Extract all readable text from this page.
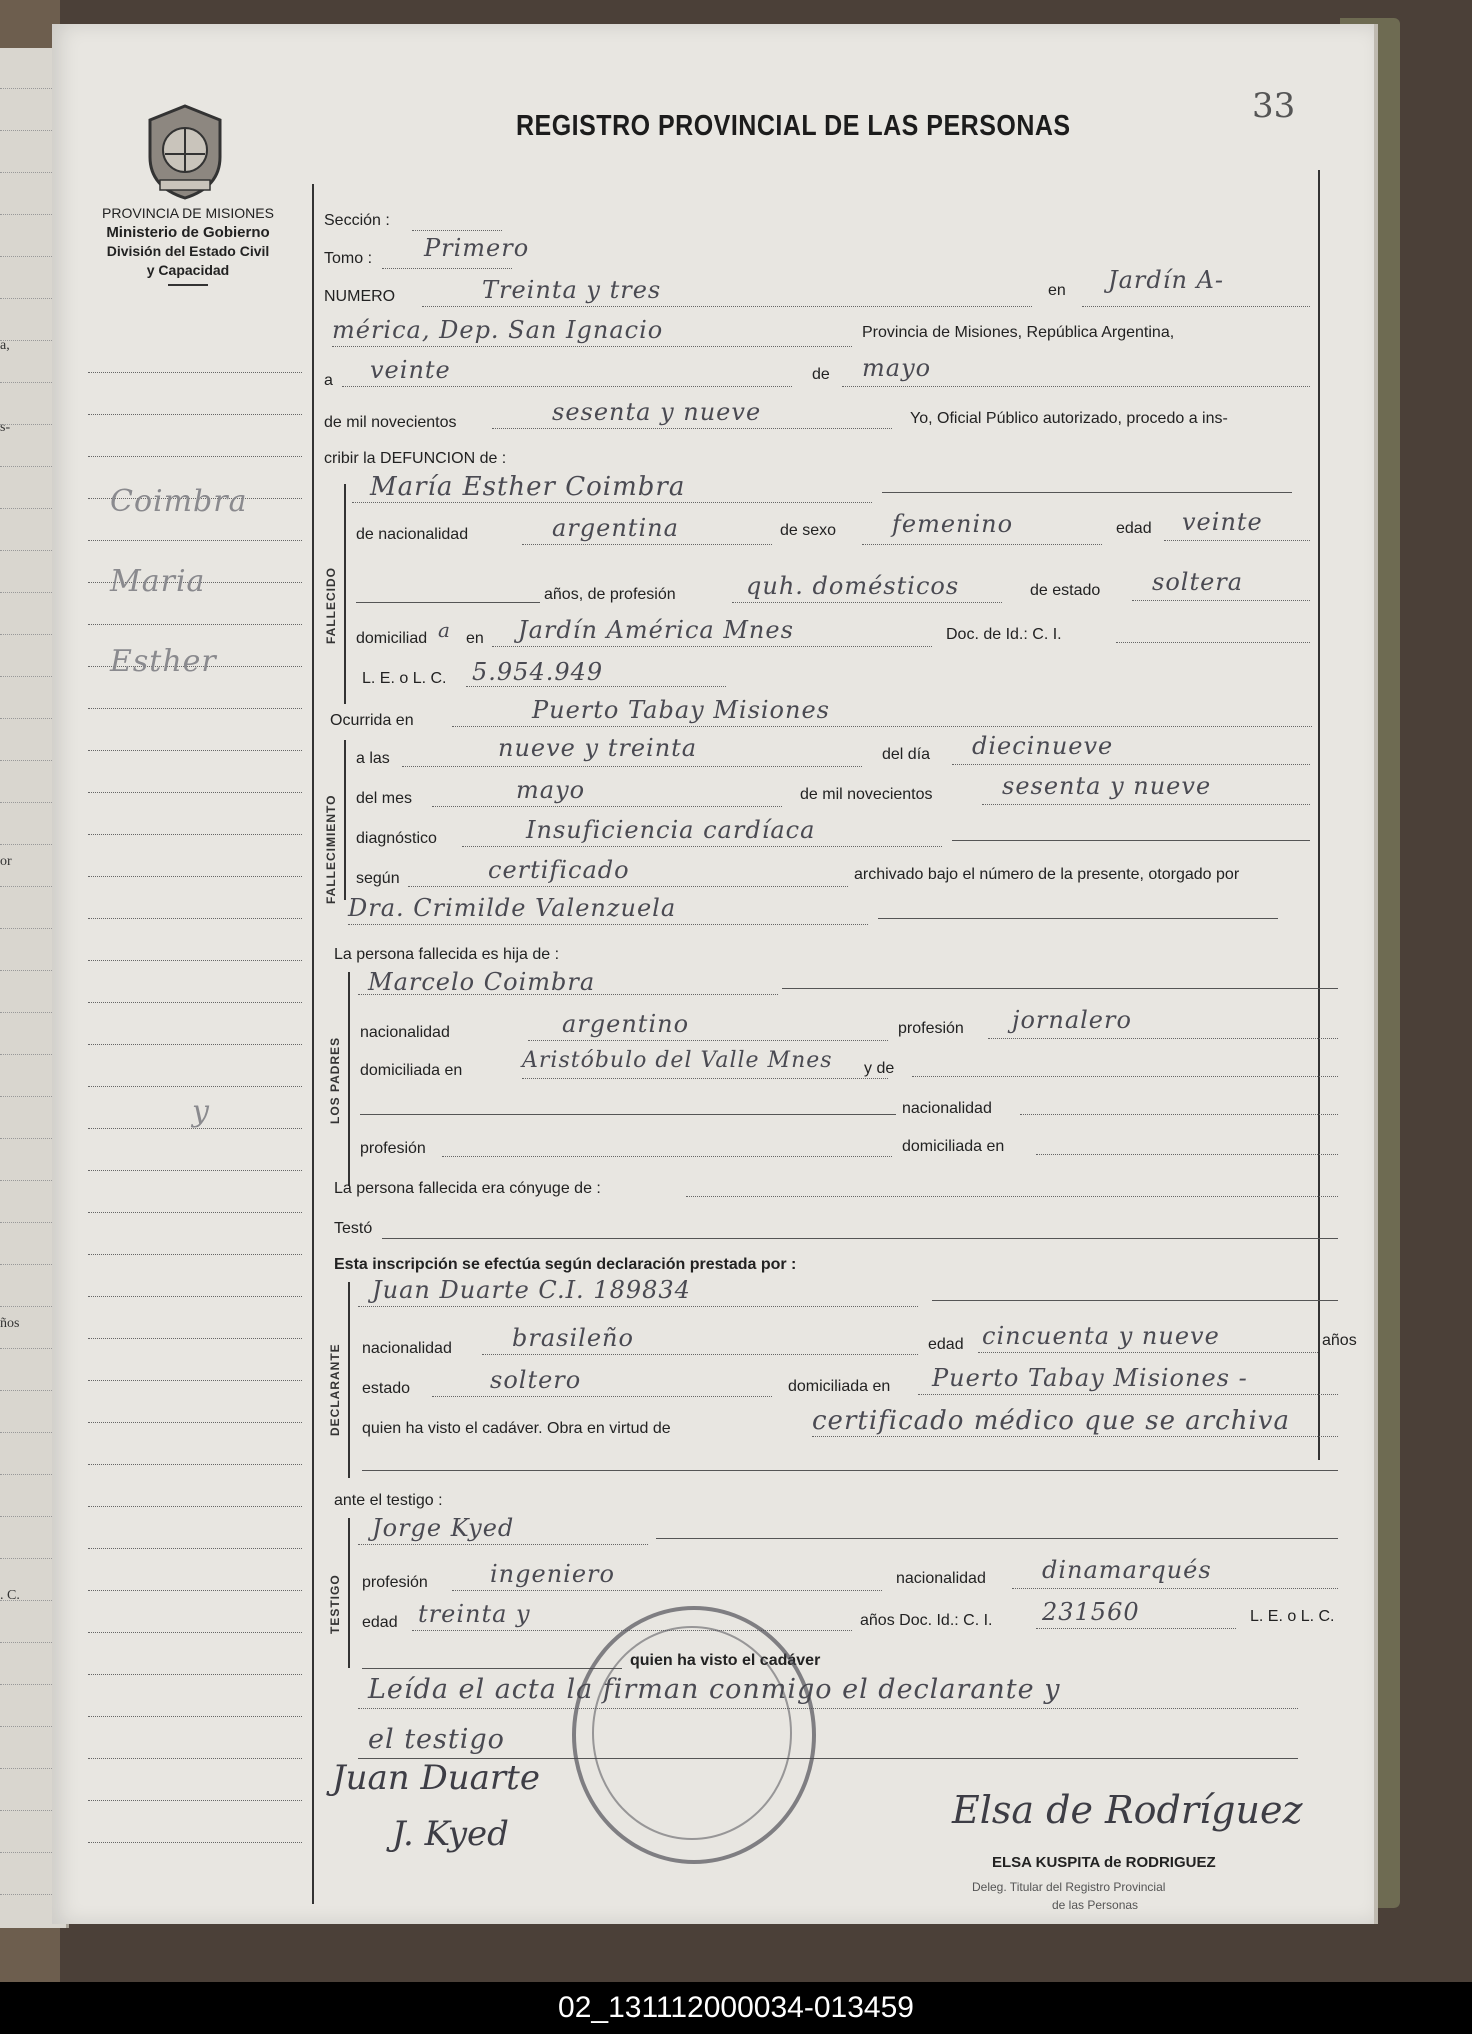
a,
s-
or
ños
. C.
PROVINCIA DE MISIONES
Ministerio de Gobierno
División del Estado Civil
y Capacidad
REGISTRO PROVINCIAL DE LAS PERSONAS	33
Coimbra
Maria
Esther
y
Sección :
Tomo : Primero
NUMERO	Treinta y tres	en Jardín A-
mérica, Dep. San Ignacio	Provincia de Misiones, República Argentina,
a veinte	de mayo
de mil novecientos	sesenta y nueve	Yo, Oficial Público autorizado, procedo a ins-
cribir la DEFUNCION de :
FALLECIDO
María Esther Coimbra
de nacionalidad	argentina	de sexo femenino	edad veinte
años, de profesión	quh. domésticos	de estado soltera
domiciliad a en Jardín América Mnes	Doc. de Id.: C. I.
L. E. o L. C. 5.954.949
Ocurrida en	Puerto Tabay Misiones
FALLECIMIENTO
a las	nueve y treinta	del día diecinueve
del mes	mayo	de mil novecientos	sesenta y nueve
diagnóstico	Insuficiencia cardíaca
según	certificado	archivado bajo el número de la presente, otorgado por
Dra. Crimilde Valenzuela
La persona fallecida es hija de :
LOS PADRES
Marcelo Coimbra
nacionalidad	argentino	profesión jornalero
domiciliada en	Aristóbulo del Valle Mnes y de
nacionalidad
profesión	domiciliada en
La persona fallecida era cónyuge de :
Testó
Esta inscripción se efectúa según declaración prestada por :
DECLARANTE
Juan Duarte C.I. 189834
nacionalidad	brasileño	edad cincuenta y nueve	años
estado	soltero	domiciliada en Puerto Tabay Misiones -
quien ha visto el cadáver. Obra en virtud de	certificado médico que se archiva
ante el testigo :
TESTIGO
Jorge Kyed
profesión	ingeniero	nacionalidad dinamarqués
edad treinta y	años Doc. Id.: C. I. 231560	L. E. o L. C.
quien ha visto el cadáver
Leída el acta la firman conmigo el declarante y
el testigo
Juan Duarte
J. Kyed
Elsa de Rodríguez
ELSA KUSPITA de RODRIGUEZ
Deleg. Titular del Registro Provincial
de las Personas
02_131112000034-013459
